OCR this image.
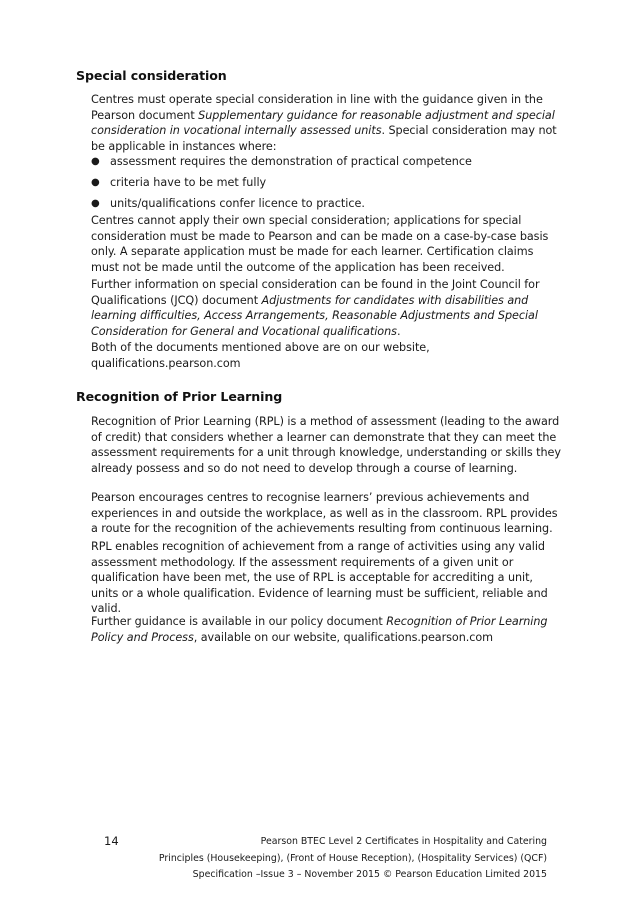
Special consideration

Centres must operate special consideration in line with the guidance given in the Pearson document Supplementary guidance for reasonable adjustment and special consideration in vocational internally assessed units. Special consideration may not be applicable in instances where:

● assessment requires the demonstration of practical competence
● criteria have to be met fully
● units/qualifications confer licence to practice.

Centres cannot apply their own special consideration; applications for special consideration must be made to Pearson and can be made on a case-by-case basis only. A separate application must be made for each learner. Certification claims must not be made until the outcome of the application has been received.

Further information on special consideration can be found in the Joint Council for Qualifications (JCQ) document Adjustments for candidates with disabilities and learning difficulties, Access Arrangements, Reasonable Adjustments and Special Consideration for General and Vocational qualifications.

Both of the documents mentioned above are on our website, qualifications.pearson.com

Recognition of Prior Learning

Recognition of Prior Learning (RPL) is a method of assessment (leading to the award of credit) that considers whether a learner can demonstrate that they can meet the assessment requirements for a unit through knowledge, understanding or skills they already possess and so do not need to develop through a course of learning.

Pearson encourages centres to recognise learners’ previous achievements and experiences in and outside the workplace, as well as in the classroom. RPL provides a route for the recognition of the achievements resulting from continuous learning.

RPL enables recognition of achievement from a range of activities using any valid assessment methodology. If the assessment requirements of a given unit or qualification have been met, the use of RPL is acceptable for accrediting a unit, units or a whole qualification. Evidence of learning must be sufficient, reliable and valid.

Further guidance is available in our policy document Recognition of Prior Learning Policy and Process, available on our website, qualifications.pearson.com

14	Pearson BTEC Level 2 Certificates in Hospitality and Catering
Principles (Housekeeping), (Front of House Reception), (Hospitality Services) (QCF)
Specification –Issue 3 – November 2015 © Pearson Education Limited 2015
